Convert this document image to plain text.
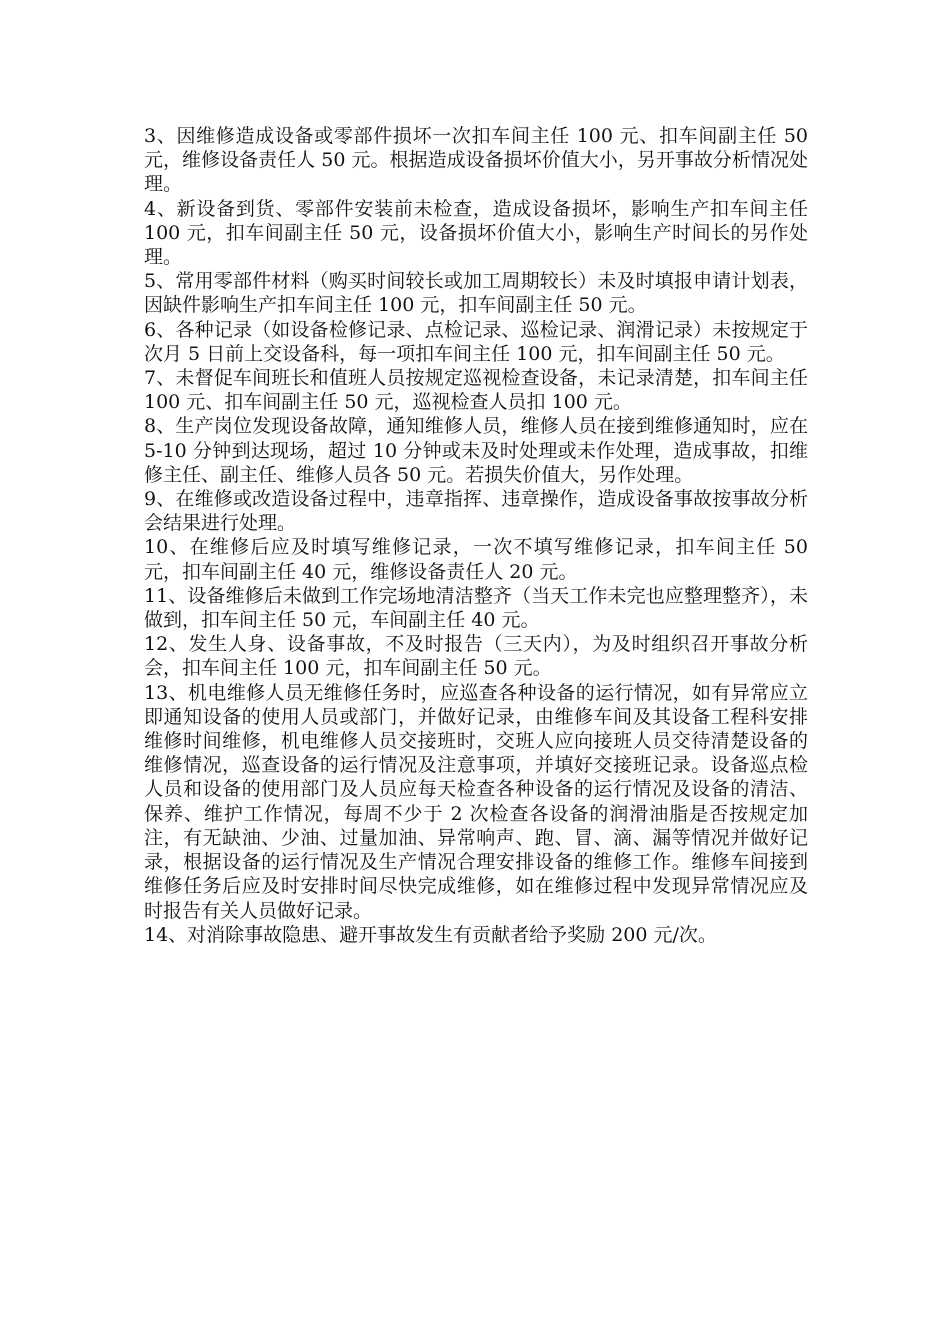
3、因维修造成设备或零部件损坏一次扣车间主任 100 元、扣车间副主任 50 元，维修设备责任人 50 元。根据造成设备损坏价值大小，另开事故分析情况处理。

4、新设备到货、零部件安装前未检查，造成设备损坏，影响生产扣车间主任 100 元，扣车间副主任 50 元，设备损坏价值大小，影响生产时间长的另作处理。

5、常用零部件材料（购买时间较长或加工周期较长）未及时填报申请计划表，因缺件影响生产扣车间主任 100 元，扣车间副主任 50 元。

6、各种记录（如设备检修记录、点检记录、巡检记录、润滑记录）未按规定于次月 5 日前上交设备科，每一项扣车间主任 100 元，扣车间副主任 50 元。

7、未督促车间班长和值班人员按规定巡视检查设备，未记录清楚，扣车间主任 100 元、扣车间副主任 50 元，巡视检查人员扣 100 元。

8、生产岗位发现设备故障，通知维修人员，维修人员在接到维修通知时，应在 5-10 分钟到达现场，超过 10 分钟或未及时处理或未作处理，造成事故，扣维修主任、副主任、维修人员各 50 元。若损失价值大，另作处理。

9、在维修或改造设备过程中，违章指挥、违章操作，造成设备事故按事故分析会结果进行处理。

10、在维修后应及时填写维修记录，一次不填写维修记录，扣车间主任 50 元，扣车间副主任 40 元，维修设备责任人 20 元。

11、设备维修后未做到工作完场地清洁整齐（当天工作未完也应整理整齐），未做到，扣车间主任 50 元，车间副主任 40 元。

12、发生人身、设备事故，不及时报告（三天内），为及时组织召开事故分析会，扣车间主任 100 元，扣车间副主任 50 元。

13、机电维修人员无维修任务时，应巡查各种设备的运行情况，如有异常应立即通知设备的使用人员或部门，并做好记录，由维修车间及其设备工程科安排维修时间维修，机电维修人员交接班时，交班人应向接班人员交待清楚设备的维修情况，巡查设备的运行情况及注意事项，并填好交接班记录。设备巡点检人员和设备的使用部门及人员应每天检查各种设备的运行情况及设备的清洁、保养、维护工作情况，每周不少于 2 次检查各设备的润滑油脂是否按规定加注，有无缺油、少油、过量加油、异常响声、跑、冒、滴、漏等情况并做好记录，根据设备的运行情况及生产情况合理安排设备的维修工作。维修车间接到维修任务后应及时安排时间尽快完成维修，如在维修过程中发现异常情况应及时报告有关人员做好记录。

14、对消除事故隐患、避开事故发生有贡献者给予奖励 200 元/次。
